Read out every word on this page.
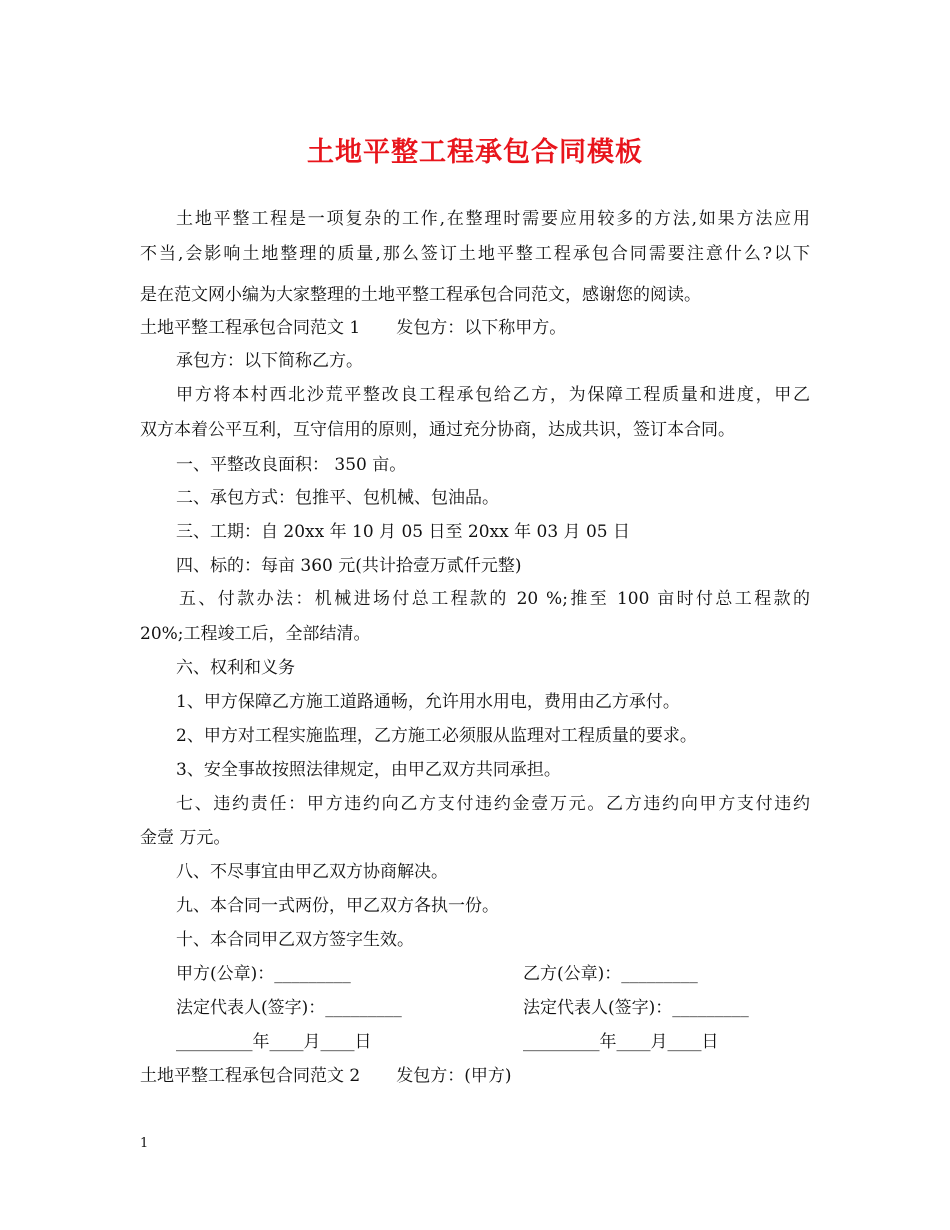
土地平整工程承包合同模板
土地平整工程是一项复杂的工作,在整理时需要应用较多的方法,如果方法应用
不当,会影响土地整理的质量,那么签订土地平整工程承包合同需要注意什么?以下
是在范文网小编为大家整理的土地平整工程承包合同范文，感谢您的阅读。
土地平整工程承包合同范文 1 发包方：以下称甲方。
承包方：以下简称乙方。
甲方将本村西北沙荒平整改良工程承包给乙方，为保障工程质量和进度，甲乙
双方本着公平互利，互守信用的原则，通过充分协商，达成共识，签订本合同。
一、平整改良面积： 350 亩。
二、承包方式：包推平、包机械、包油品。
三、工期：自 20xx 年 10 月 05 日至 20xx 年 03 月 05 日
四、标的：每亩 360 元(共计拾壹万贰仟元整)
五、付款办法：机械进场付总工程款的 20 %;推至 100 亩时付总工程款的
20%;工程竣工后，全部结清。
六、权利和义务
1、甲方保障乙方施工道路通畅，允许用水用电，费用由乙方承付。
2、甲方对工程实施监理，乙方施工必须服从监理对工程质量的要求。
3、安全事故按照法律规定，由甲乙双方共同承担。
七、违约责任：甲方违约向乙方支付违约金壹万元。乙方违约向甲方支付违约
金壹 万元。
八、不尽事宜由甲乙双方协商解决。
九、本合同一式两份，甲乙双方各执一份。
十、本合同甲乙双方签字生效。
甲方(公章)：_________	乙方(公章)：_________
法定代表人(签字)：_________	法定代表人(签字)：_________
_________年____月____日	_________年____月____日
土地平整工程承包合同范文 2 发包方：(甲方)
1
